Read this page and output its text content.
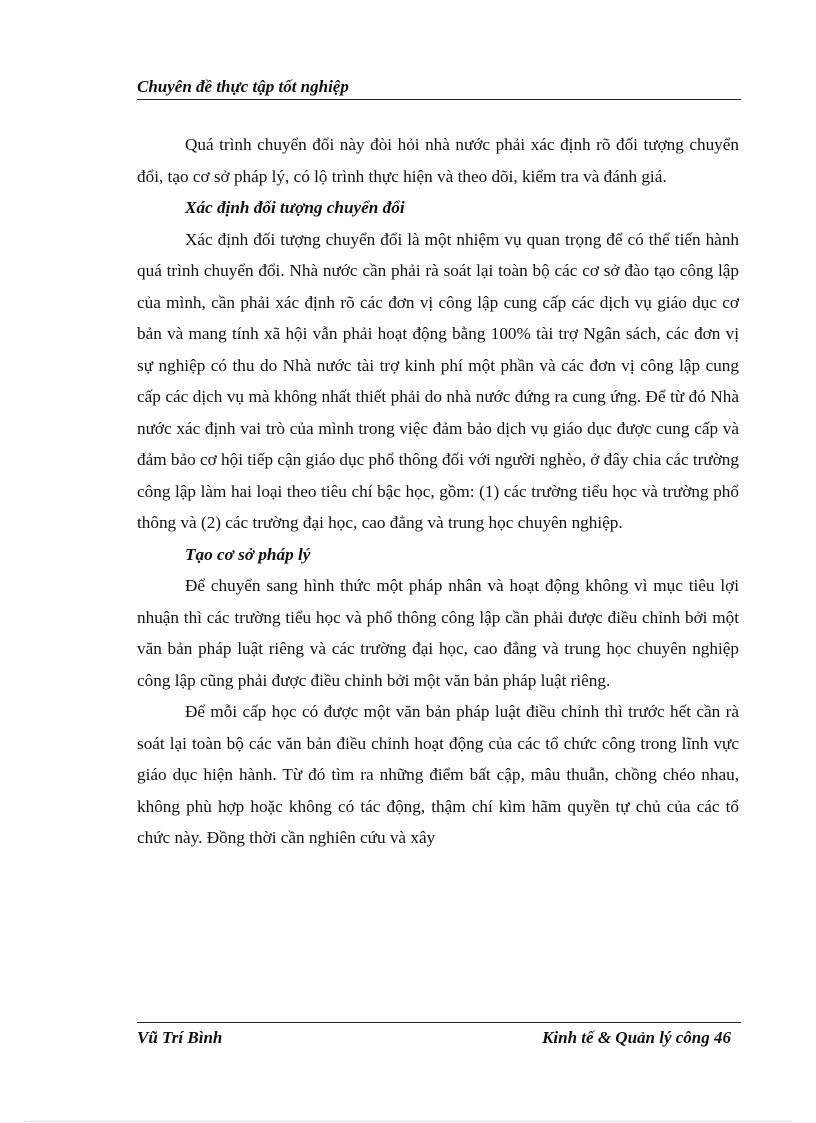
Chuyên đề thực tập tốt nghiệp

Quá trình chuyển đổi này đòi hỏi nhà nước phải xác định rõ đối tượng chuyển đổi, tạo cơ sở pháp lý, có lộ trình thực hiện và theo dõi, kiểm tra và đánh giá.

Xác định đối tượng chuyển đổi

Xác định đối tượng chuyển đổi là một nhiệm vụ quan trọng để có thể tiến hành quá trình chuyển đổi. Nhà nước cần phải rà soát lại toàn bộ các cơ sở đào tạo công lập của mình, cần phải xác định rõ các đơn vị công lập cung cấp các dịch vụ giáo dục cơ bản và mang tính xã hội vẫn phải hoạt động bằng 100% tài trợ Ngân sách, các đơn vị sự nghiệp có thu do Nhà nước tài trợ kinh phí một phần và các đơn vị công lập cung cấp các dịch vụ mà không nhất thiết phải do nhà nước đứng ra cung ứng. Để từ đó Nhà nước xác định vai trò của mình trong việc đảm bảo dịch vụ giáo dục được cung cấp và đảm bảo cơ hội tiếp cận giáo dục phổ thông đối với người nghèo, ở đây chia các trường công lập làm hai loại theo tiêu chí bậc học, gồm: (1) các trường tiểu học và trường phổ thông và (2) các trường đại học, cao đẳng và trung học chuyên nghiệp.

Tạo cơ sở pháp lý

Để chuyển sang hình thức một pháp nhân và hoạt động không vì mục tiêu lợi nhuận thì các trường tiểu học và phổ thông công lập cần phải được điều chỉnh bởi một văn bản pháp luật riêng và các trường đại học, cao đẳng và trung học chuyên nghiệp công lập cũng phải được điều chỉnh bởi một văn bản pháp luật riêng.

Để mỗi cấp học có được một văn bản pháp luật điều chỉnh thì trước hết cần rà soát lại toàn bộ các văn bản điều chỉnh hoạt động của các tổ chức công trong lĩnh vực giáo dục hiện hành. Từ đó tìm ra những điểm bất cập, mâu thuẫn, chồng chéo nhau, không phù hợp hoặc không có tác động, thậm chí kìm hãm quyền tự chủ của các tổ chức này. Đồng thời cần nghiên cứu và xây

Vũ Trí Bình	Kinh tế & Quản lý công 46
